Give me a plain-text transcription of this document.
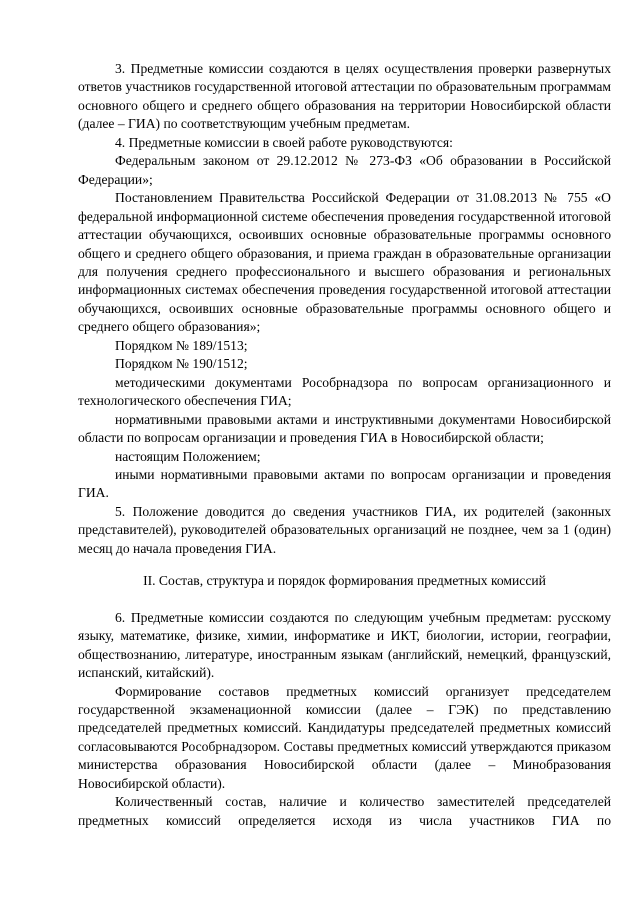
3. Предметные комиссии создаются в целях осуществления проверки развернутых ответов участников государственной итоговой аттестации по образовательным программам основного общего и среднего общего образования на территории Новосибирской области (далее – ГИА) по соответствующим учебным предметам.

4. Предметные комиссии в своей работе руководствуются:

Федеральным законом от 29.12.2012 № 273-ФЗ «Об образовании в Российской Федерации»;

Постановлением Правительства Российской Федерации от 31.08.2013 № 755 «О федеральной информационной системе обеспечения проведения государственной итоговой аттестации обучающихся, освоивших основные образовательные программы основного общего и среднего общего образования, и приема граждан в образовательные организации для получения среднего профессионального и высшего образования и региональных информационных системах обеспечения проведения государственной итоговой аттестации обучающихся, освоивших основные образовательные программы основного общего и среднего общего образования»;

Порядком № 189/1513;

Порядком № 190/1512;

методическими документами Рособрнадзора по вопросам организационного и технологического обеспечения ГИА;

нормативными правовыми актами и инструктивными документами Новосибирской области по вопросам организации и проведения ГИА в Новосибирской области;

настоящим Положением;

иными нормативными правовыми актами по вопросам организации и проведения ГИА.

5. Положение доводится до сведения участников ГИА, их родителей (законных представителей), руководителей образовательных организаций не позднее, чем за 1 (один) месяц до начала проведения ГИА.

II. Состав, структура и порядок формирования предметных комиссий

6. Предметные комиссии создаются по следующим учебным предметам: русскому языку, математике, физике, химии, информатике и ИКТ, биологии, истории, географии, обществознанию, литературе, иностранным языкам (английский, немецкий, французский, испанский, китайский).

Формирование составов предметных комиссий организует председателем государственной экзаменационной комиссии (далее – ГЭК) по представлению председателей предметных комиссий. Кандидатуры председателей предметных комиссий согласовываются Рособрнадзором. Составы предметных комиссий утверждаются приказом министерства образования Новосибирской области (далее – Минобразования Новосибирской области).

Количественный состав, наличие и количество заместителей председателей предметных комиссий определяется исходя из числа участников ГИА по
